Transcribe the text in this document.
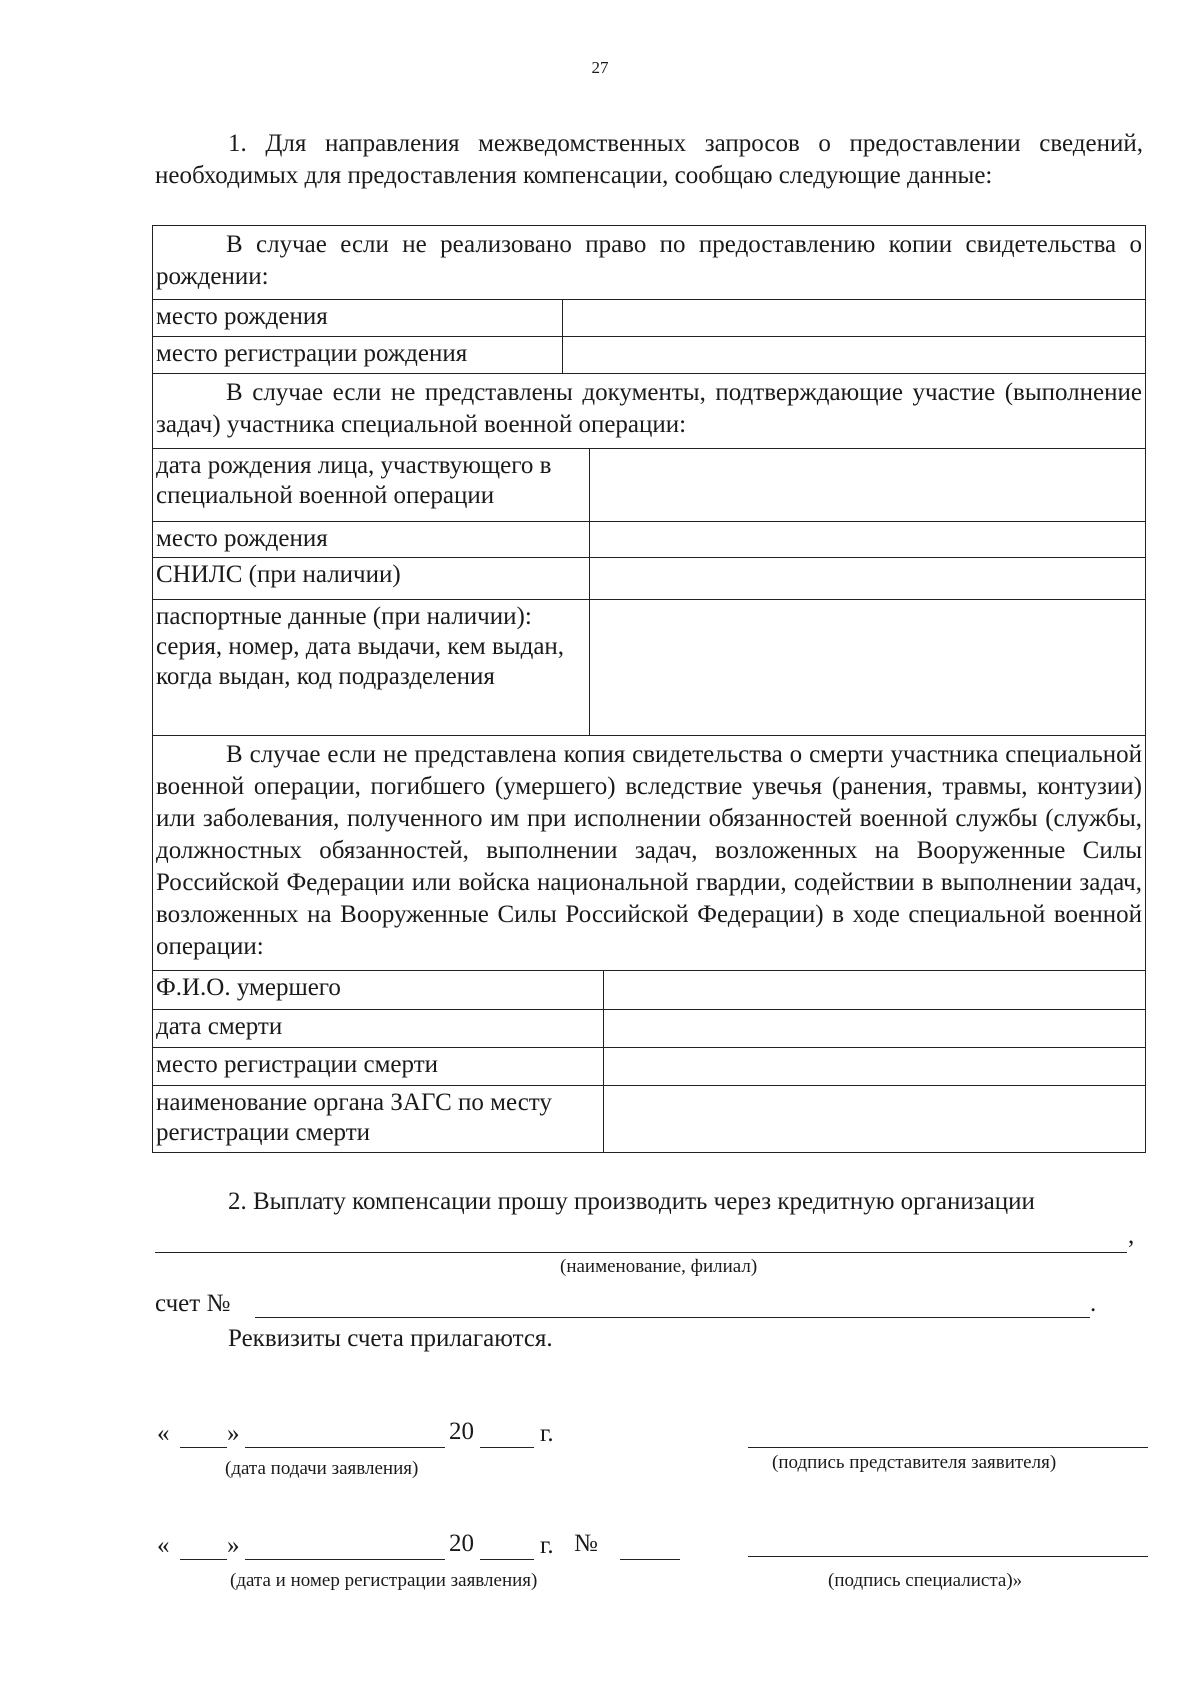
27

1. Для направления межведомственных запросов о предоставлении сведений, необходимых для предоставления компенсации, сообщаю следующие данные:

В случае если не реализовано право по предоставлению копии свидетельства о рождении:			
место рождения			
место регистрации рождения			
В случае если не представлены документы, подтверждающие участие (выполнение задач) участника специальной военной операции:			
дата рождения лица, участвующего в специальной военной операции			
место рождения			
СНИЛС (при наличии)			
паспортные данные (при наличии): серия, номер, дата выдачи, кем выдан, когда выдан, код подразделения			
В случае если не представлена копия свидетельства о смерти участника специальной военной операции, погибшего (умершего) вследствие увечья (ранения, травмы, контузии) или заболевания, полученного им при исполнении обязанностей военной службы (службы, должностных обязанностей, выполнении задач, возложенных на Вооруженные Силы Российской Федерации или войска национальной гвардии, содействии в выполнении задач, возложенных на Вооруженные Силы Российской Федерации) в ходе специальной военной операции:			
Ф.И.О. умершего			
дата смерти			
место регистрации смерти			
наименование органа ЗАГС по месту регистрации смерти			
2. Выплату компенсации прошу производить через кредитную организации
,
(наименование, филиал)
счет №	.
Реквизиты счета прилагаются.
« »	20	г.
(дата подачи заявления)	(подпись представителя заявителя)
« »	20	г. №
(дата и номер регистрации заявления)	(подпись специалиста)»
